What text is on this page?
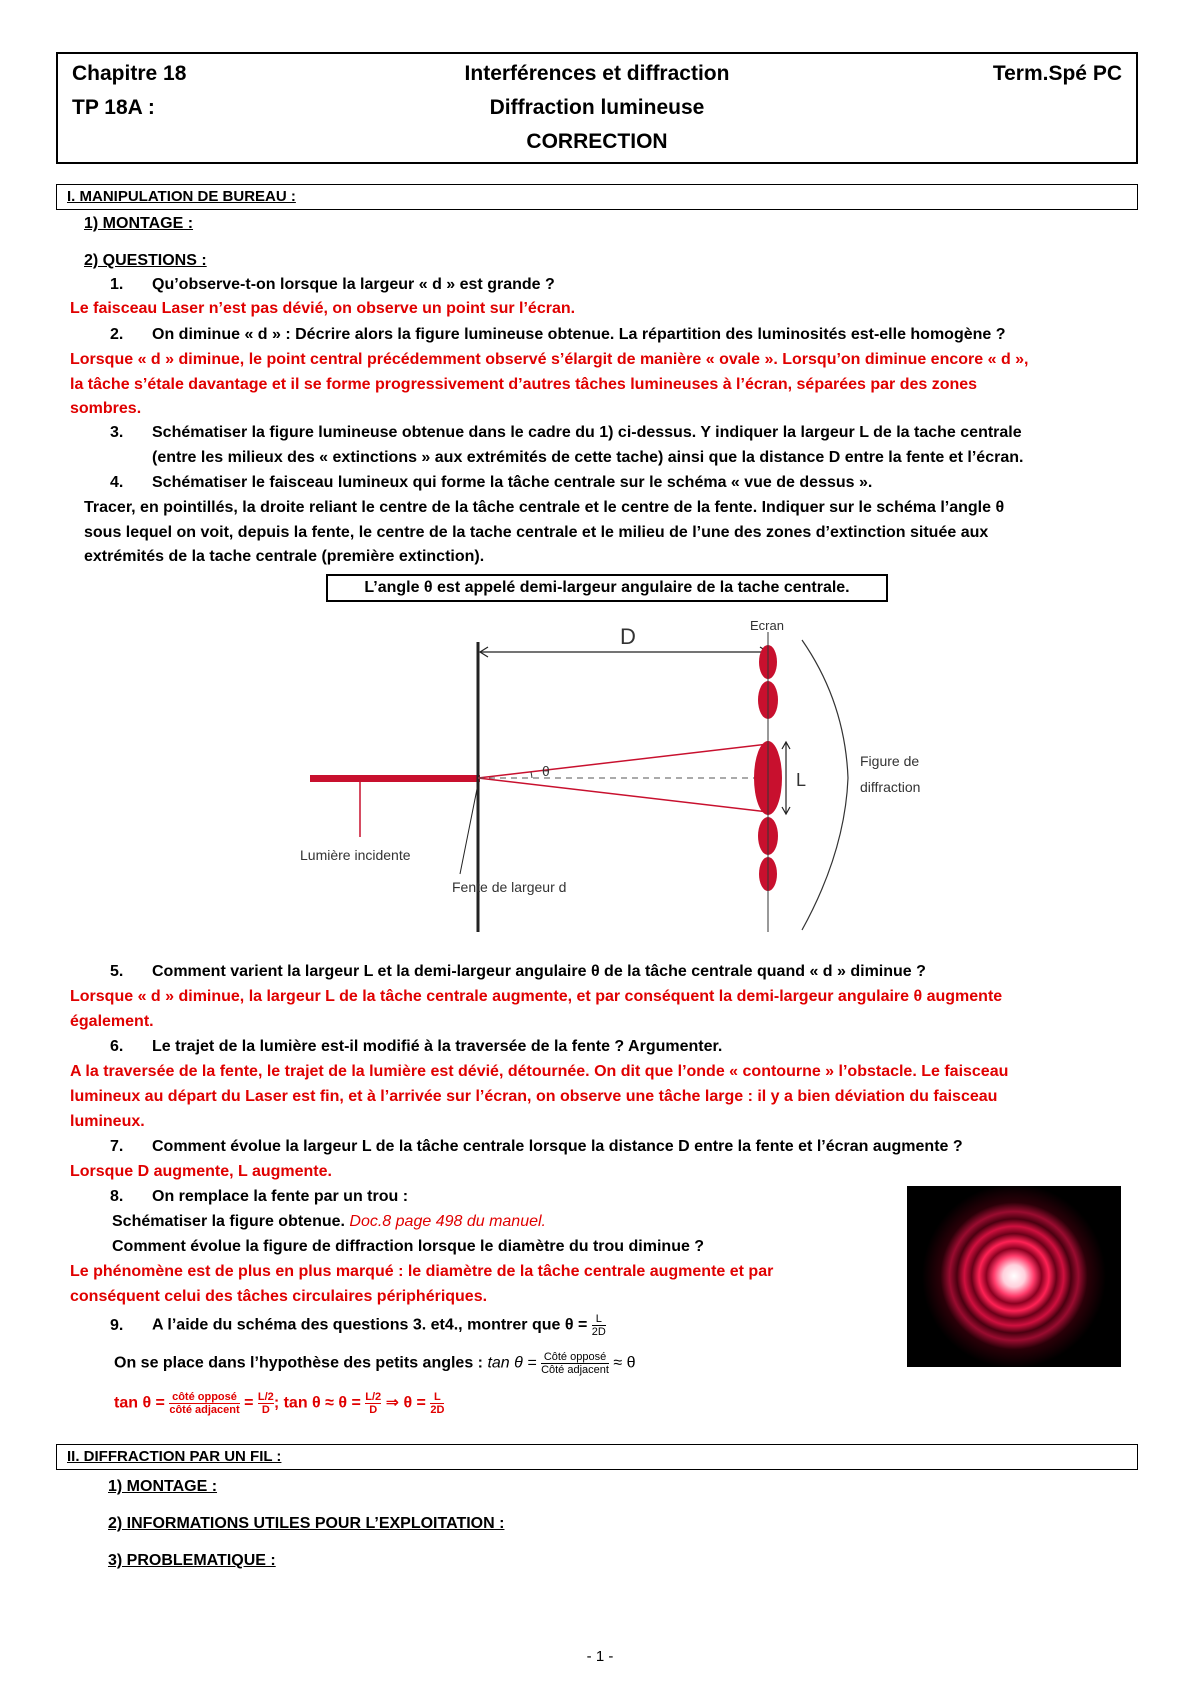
Chapitre 18
TP 18A :
Interférences et diffraction
Diffraction lumineuse
CORRECTION
Term.Spé PC
I. MANIPULATION DE BUREAU :
1) MONTAGE :
2) QUESTIONS :
1. Qu’observe-t-on lorsque la largeur « d » est grande ?
Le faisceau Laser n’est pas dévié, on observe un point sur l’écran.
2. On diminue « d » : Décrire alors la figure lumineuse obtenue. La répartition des luminosités est-elle homogène ?
Lorsque « d » diminue, le point central précédemment observé s’élargit de manière « ovale ». Lorsqu’on diminue encore « d »,
la tâche s’étale davantage et il se forme progressivement d’autres tâches lumineuses à l’écran, séparées par des zones
sombres.
3. Schématiser la figure lumineuse obtenue dans le cadre du 1) ci-dessus. Y indiquer la largeur L de la tache centrale
(entre les milieux des « extinctions » aux extrémités de cette tache) ainsi que la distance D entre la fente et l’écran.
4. Schématiser le faisceau lumineux qui forme la tâche centrale sur le schéma « vue de dessus ».
Tracer, en pointillés, la droite reliant le centre de la tâche centrale et le centre de la fente. Indiquer sur le schéma l’angle θ
sous lequel on voit, depuis la fente, le centre de la tache centrale et le milieu de l’une des zones d’extinction située aux
extrémités de la tache centrale (première extinction).
L’angle θ est appelé demi-largeur angulaire de la tache centrale.
D	Ecran
θ	L
Figure de
diffraction
Lumière incidente
Fente de largeur d
5. Comment varient la largeur L et la demi-largeur angulaire θ de la tâche centrale quand « d » diminue ?
Lorsque « d » diminue, la largeur L de la tâche centrale augmente, et par conséquent la demi-largeur angulaire θ augmente
également.
6. Le trajet de la lumière est-il modifié à la traversée de la fente ? Argumenter.
A la traversée de la fente, le trajet de la lumière est dévié, détournée. On dit que l’onde « contourne » l’obstacle. Le faisceau
lumineux au départ du Laser est fin, et à l’arrivée sur l’écran, on observe une tâche large : il y a bien déviation du faisceau
lumineux.
7. Comment évolue la largeur L de la tâche centrale lorsque la distance D entre la fente et l’écran augmente ?
Lorsque D augmente, L augmente.
8. On remplace la fente par un trou :
Schématiser la figure obtenue. Doc.8 page 498 du manuel.
Comment évolue la figure de diffraction lorsque le diamètre du trou diminue ?
Le phénomène est de plus en plus marqué : le diamètre de la tâche centrale augmente et par
conséquent celui des tâches circulaires périphériques.
9. A l’aide du schéma des questions 3. et4., montrer que $\theta = \frac{L}{2D}$
On se place dans l’hypothèse des petits angles : $\tan \theta = \frac{\text{Côté opposé}}{\text{Côté adjacent}} \approx \theta$
$\tan \theta = \frac{\text{côté opposé}}{\text{côté adjacent}} = \frac{L/2}{D}$ ; $\tan \theta \approx \theta = \frac{L/2}{D}$ ⇒ $\theta = \frac{L}{2D}$
II. DIFFRACTION PAR UN FIL :
1) MONTAGE :
2) INFORMATIONS UTILES POUR L’EXPLOITATION :
3) PROBLEMATIQUE :
- 1 -
